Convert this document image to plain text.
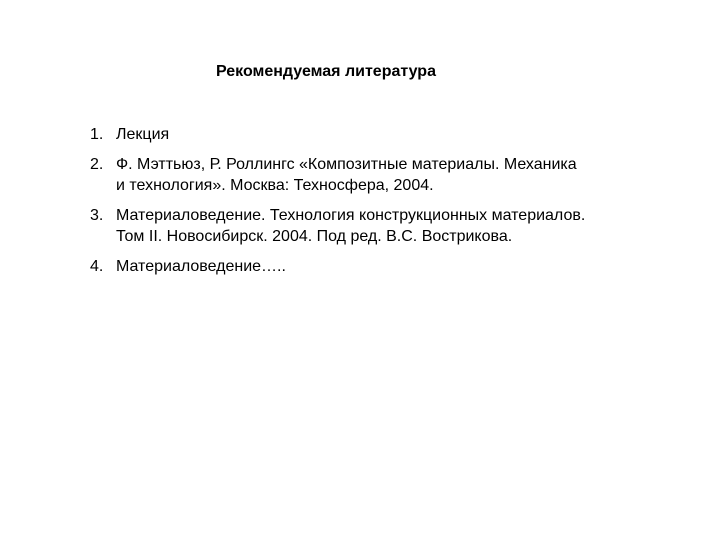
Рекомендуемая литература
1. Лекция
2. Ф. Мэттьюз, Р. Роллингс «Композитные материалы. Механика
и технология». Москва: Техносфера, 2004.
3. Материаловедение. Технология конструкционных материалов.
Том II. Новосибирск. 2004. Под ред. В.С. Вострикова.
4. Материаловедение…..
